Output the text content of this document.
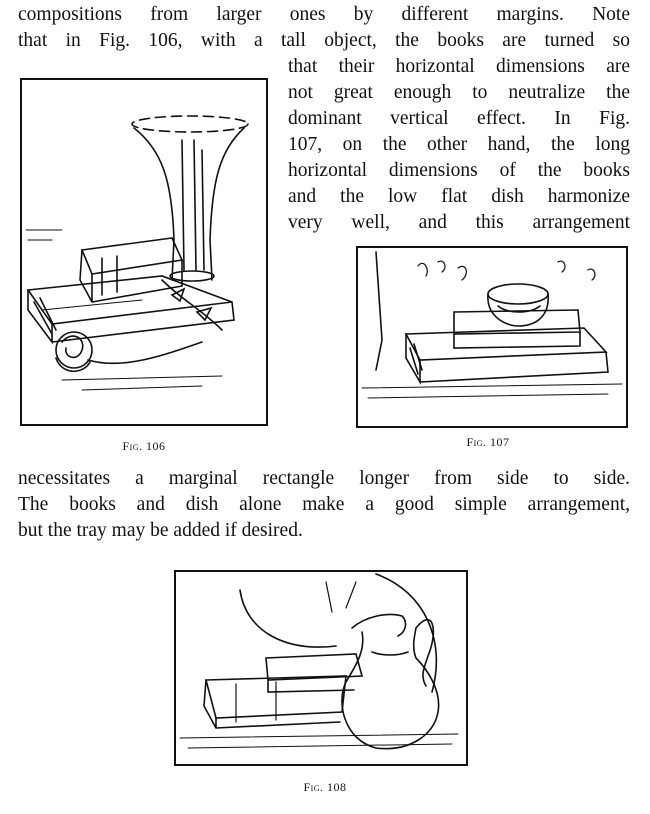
compositions from larger ones by different margins. Note
that in Fig. 106, with a tall object, the books are turned so
that their horizontal dimensions are
not great enough to neutralize the
dominant vertical effect. In Fig.
107, on the other hand, the long
horizontal dimensions of the books
and the low flat dish harmonize
very well, and this arrangement
Fig. 106	Fig. 107
necessitates a marginal rectangle longer from side to side.
The books and dish alone make a good simple arrangement,
but the tray may be added if desired.
Fig. 108
